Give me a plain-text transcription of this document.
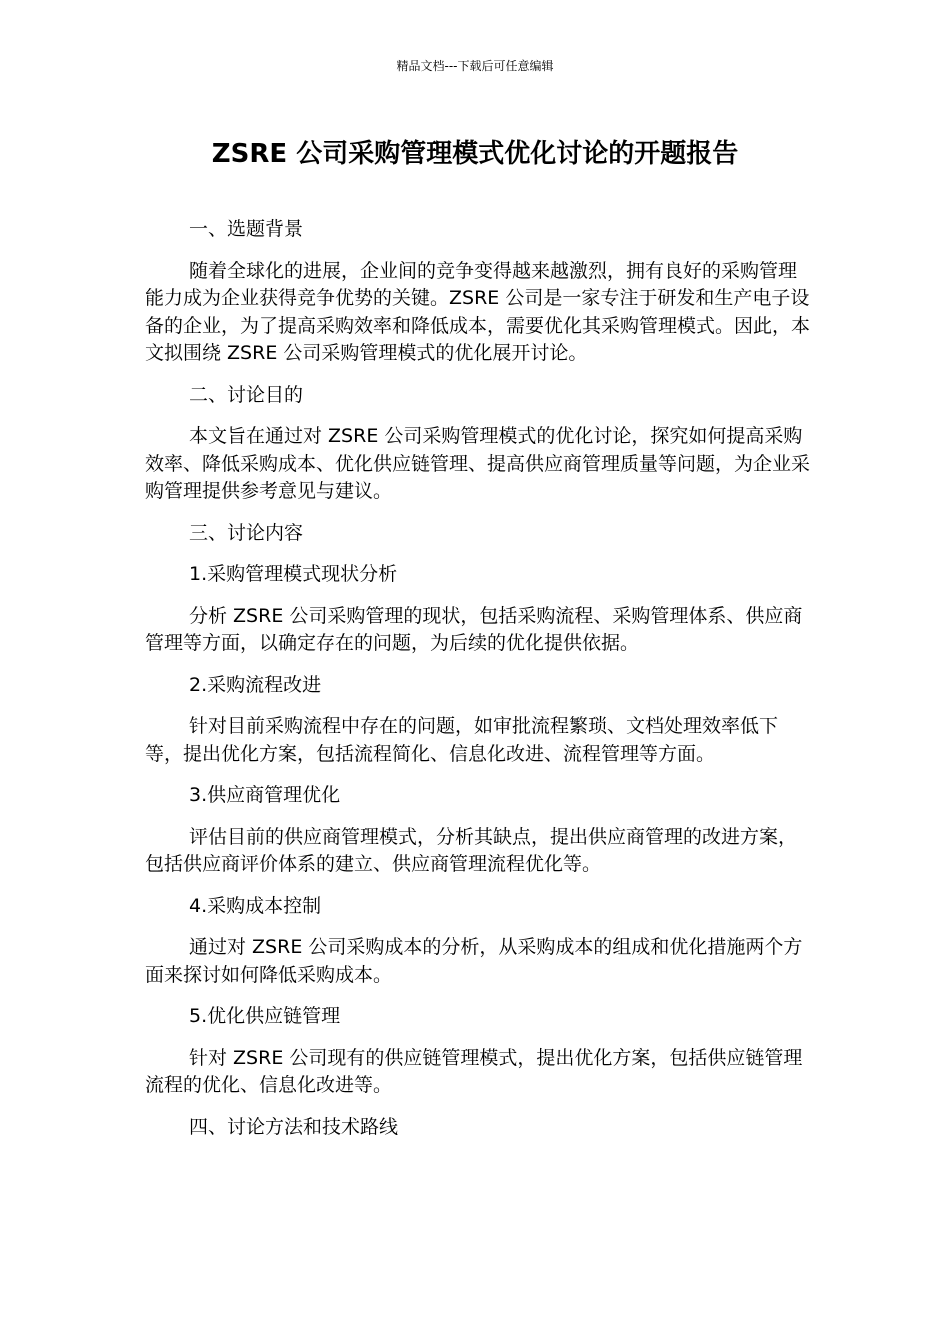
精品文档---下载后可任意编辑
ZSRE 公司采购管理模式优化讨论的开题报告

一、选题背景

随着全球化的进展，企业间的竞争变得越来越激烈，拥有良好的采购管理能力成为企业获得竞争优势的关键。ZSRE 公司是一家专注于研发和生产电子设备的企业，为了提高采购效率和降低成本，需要优化其采购管理模式。因此，本文拟围绕 ZSRE 公司采购管理模式的优化展开讨论。

二、讨论目的

本文旨在通过对 ZSRE 公司采购管理模式的优化讨论，探究如何提高采购效率、降低采购成本、优化供应链管理、提高供应商管理质量等问题，为企业采购管理提供参考意见与建议。

三、讨论内容

1.采购管理模式现状分析

分析 ZSRE 公司采购管理的现状，包括采购流程、采购管理体系、供应商管理等方面，以确定存在的问题，为后续的优化提供依据。

2.采购流程改进

针对目前采购流程中存在的问题，如审批流程繁琐、文档处理效率低下等，提出优化方案，包括流程简化、信息化改进、流程管理等方面。

3.供应商管理优化

评估目前的供应商管理模式，分析其缺点，提出供应商管理的改进方案，包括供应商评价体系的建立、供应商管理流程优化等。

4.采购成本控制

通过对 ZSRE 公司采购成本的分析，从采购成本的组成和优化措施两个方面来探讨如何降低采购成本。

5.优化供应链管理

针对 ZSRE 公司现有的供应链管理模式，提出优化方案，包括供应链管理流程的优化、信息化改进等。

四、讨论方法和技术路线
